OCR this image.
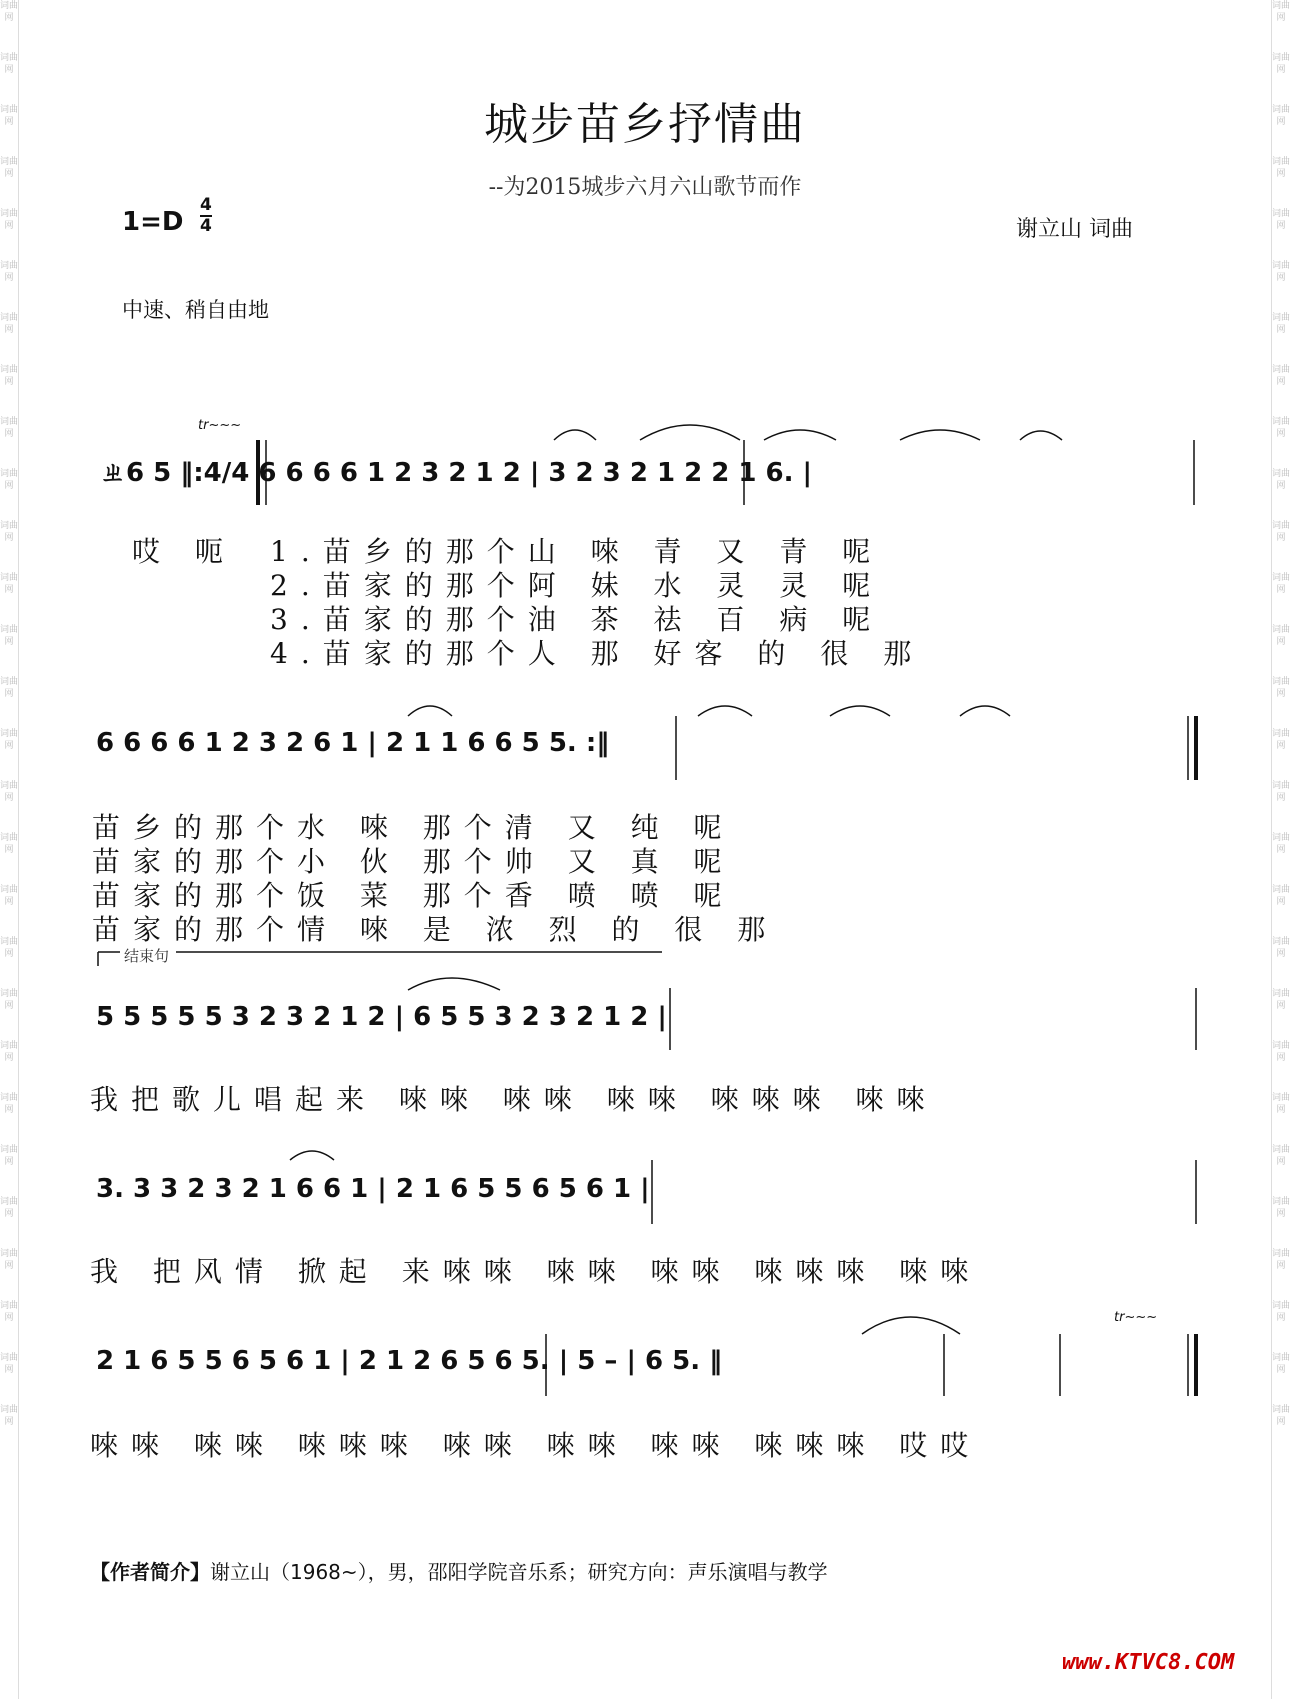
词曲网
词曲网
词曲网
词曲网
词曲网
词曲网
词曲网
词曲网
词曲网
词曲网
词曲网
词曲网
词曲网
词曲网
词曲网
词曲网
词曲网
词曲网
词曲网
词曲网
词曲网
词曲网
词曲网
词曲网
词曲网
词曲网
词曲网
词曲网
词曲网
词曲网
词曲网
词曲网
词曲网
词曲网
词曲网
词曲网
词曲网
词曲网
词曲网
词曲网
词曲网
词曲网
词曲网
词曲网
词曲网
词曲网
词曲网
词曲网
词曲网
词曲网
词曲网
词曲网
词曲网
词曲网
词曲网
词曲网
城步苗乡抒情曲
--为2015城步六月六山歌节而作
1=D
4
4	谢立山 词曲
中速、稍自由地
tr~~~
ㄓ6 5 ‖:4/4 6 6 6 6 1 2 3 2 1 2 | 3 2 3 2 1 2 2 1 6. |
哎 呃 1.苗乡的那个山 唻 青 又 青 呢
2.苗家的那个阿 妹 水 灵 灵 呢
3.苗家的那个油 茶 祛 百 病 呢
4.苗家的那个人 那 好客 的 很 那
6 6 6 6 1 2 3 2 6 1 | 2 1 1 6 6 5 5. :‖
苗乡的那个水 唻 那个清 又 纯 呢
苗家的那个小 伙 那个帅 又 真 呢
苗家的那个饭 菜 那个香 喷 喷 呢
苗家的那个情 唻 是 浓 烈 的 很 那
结束句
5 5 5 5 5 3 2 3 2 1 2 | 6 5 5 3 2 3 2 1 2 |
我把歌儿唱起来 唻唻 唻唻 唻唻 唻唻唻 唻唻
3. 3 3 2 3 2 1 6 6 1 | 2 1 6 5 5 6 5 6 1 |
我 把风情 掀起 来唻唻 唻唻 唻唻 唻唻唻 唻唻
tr~~~
2 1 6 5 5 6 5 6 1 | 2 1 2 6 5 6 5. | 5 – | 6 5. ‖
唻唻 唻唻 唻唻唻 唻唻 唻唻 唻唻 唻唻唻 哎哎
【作者简介】谢立山（1968~），男，邵阳学院音乐系；研究方向：声乐演唱与教学
www.KTVC8.COM
